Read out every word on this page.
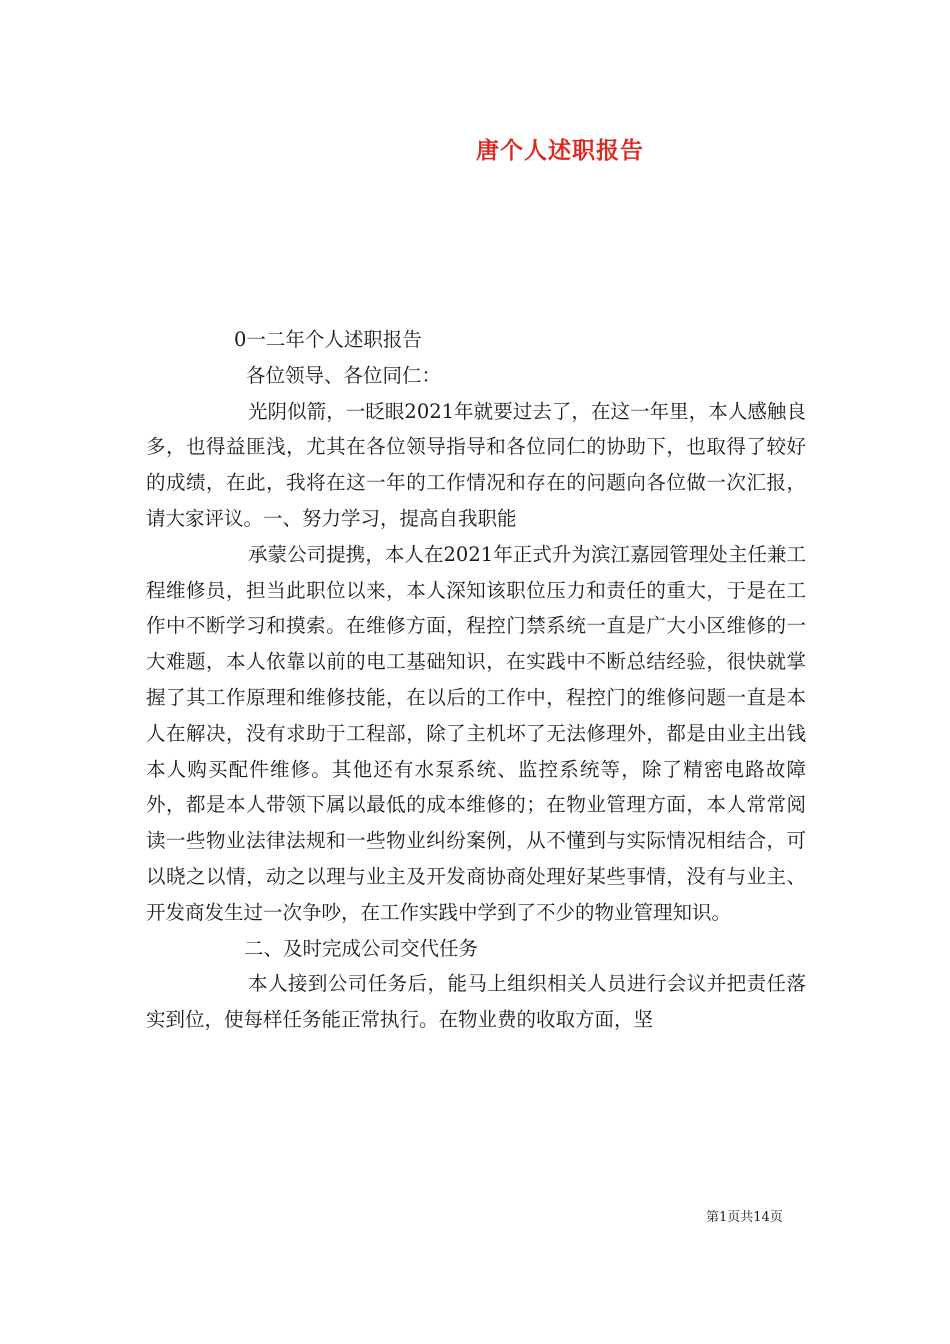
唐个人述职报告

0一二年个人述职报告

各位领导、各位同仁：

光阴似箭，一眨眼2021年就要过去了，在这一年里，本人感触良多，也得益匪浅，尤其在各位领导指导和各位同仁的协助下，也取得了较好的成绩，在此，我将在这一年的工作情况和存在的问题向各位做一次汇报，请大家评议。一、努力学习，提高自我职能

承蒙公司提携，本人在2021年正式升为滨江嘉园管理处主任兼工程维修员，担当此职位以来，本人深知该职位压力和责任的重大，于是在工作中不断学习和摸索。在维修方面，程控门禁系统一直是广大小区维修的一大难题，本人依靠以前的电工基础知识，在实践中不断总结经验，很快就掌握了其工作原理和维修技能，在以后的工作中，程控门的维修问题一直是本人在解决，没有求助于工程部，除了主机坏了无法修理外，都是由业主出钱本人购买配件维修。其他还有水泵系统、监控系统等，除了精密电路故障外，都是本人带领下属以最低的成本维修的；在物业管理方面，本人常常阅读一些物业法律法规和一些物业纠纷案例，从不懂到与实际情况相结合，可以晓之以情，动之以理与业主及开发商协商处理好某些事情，没有与业主、开发商发生过一次争吵，在工作实践中学到了不少的物业管理知识。

二、及时完成公司交代任务

本人接到公司任务后，能马上组织相关人员进行会议并把责任落实到位，使每样任务能正常执行。在物业费的收取方面，坚

第1页共14页
